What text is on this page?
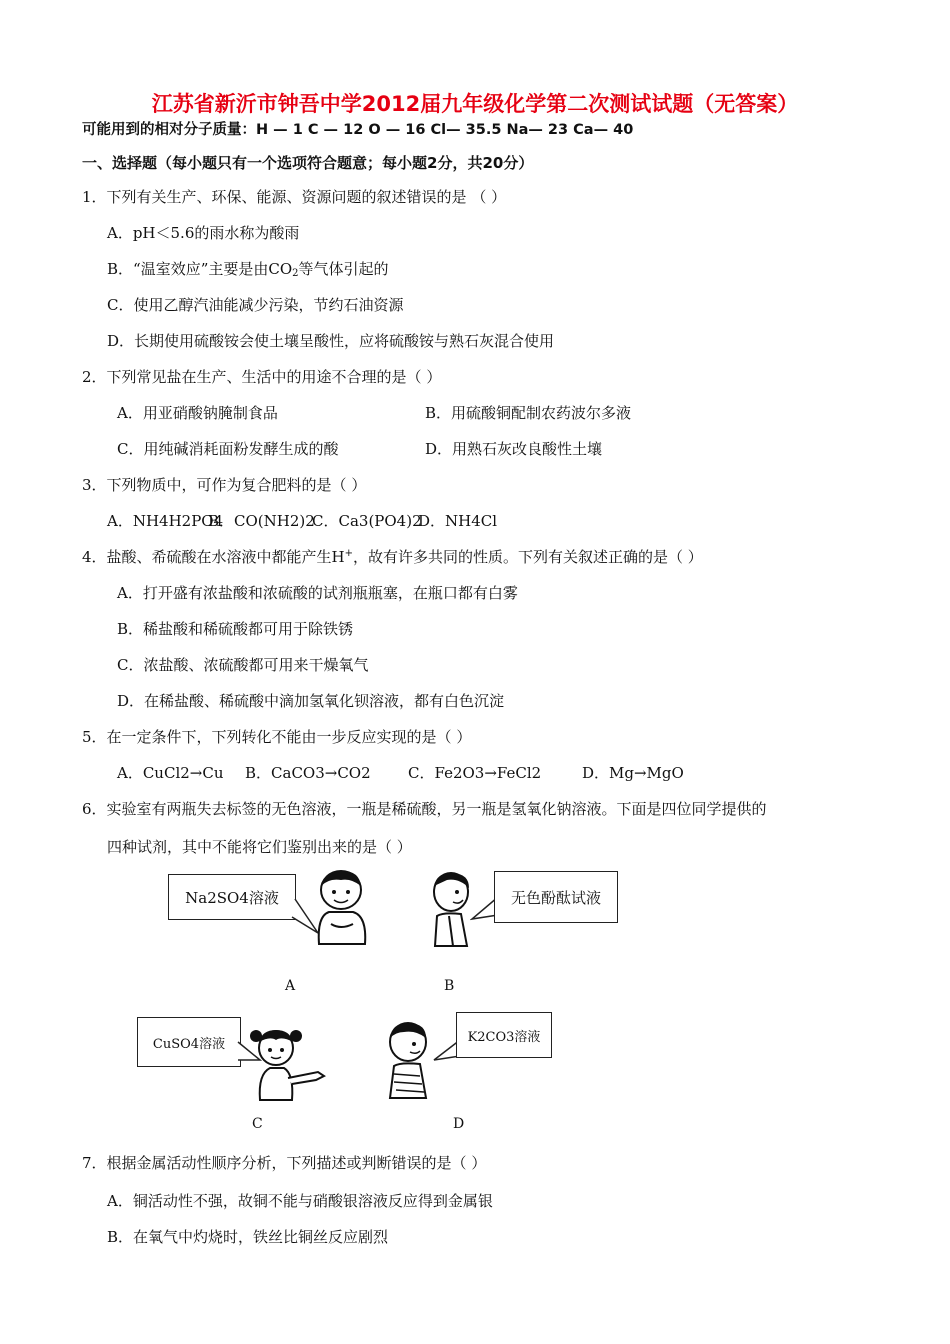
江苏省新沂市钟吾中学2012届九年级化学第二次测试试题（无答案）
可能用到的相对分子质量：H — 1 C — 12 O — 16 Cl— 35.5 Na— 23 Ca— 40
一、选择题（每小题只有一个选项符合题意；每小题2分，共20分）
1．下列有关生产、环保、能源、资源问题的叙述错误的是 （ ）
A．pH＜5.6的雨水称为酸雨
B．“温室效应”主要是由$CO_2$等气体引起的
C．使用乙醇汽油能减少污染，节约石油资源
D．长期使用硫酸铵会使土壤呈酸性，应将硫酸铵与熟石灰混合使用
2．下列常见盐在生产、生活中的用途不合理的是（ ）
A．用亚硝酸钠腌制食品	B．用硫酸铜配制农药波尔多液
C．用纯碱消耗面粉发酵生成的酸	D．用熟石灰改良酸性土壤
3．下列物质中，可作为复合肥料的是（ ）
A．NH4H2PO4
B．CO(NH2)2
C．Ca3(PO4)2
D．NH4Cl
4．盐酸、希硫酸在水溶液中都能产生H+，故有许多共同的性质。下列有关叙述正确的是（ ）
A．打开盛有浓盐酸和浓硫酸的试剂瓶瓶塞，在瓶口都有白雾
B．稀盐酸和稀硫酸都可用于除铁锈
C．浓盐酸、浓硫酸都可用来干燥氧气
D．在稀盐酸、稀硫酸中滴加氢氧化钡溶液，都有白色沉淀
5．在一定条件下，下列转化不能由一步反应实现的是（ ）
A．CuCl2→Cu B．CaCO3→CO2 C．Fe2O3→FeCl2	D．Mg→MgO
6．实验室有两瓶失去标签的无色溶液，一瓶是稀硫酸，另一瓶是氢氧化钠溶液。下面是四位同学提供的
四种试剂，其中不能将它们鉴别出来的是（ ）
Na2SO4溶液
A
无色酚酞试液
B
CuSO4溶液
C
K2CO3溶液
D
7．根据金属活动性顺序分析，下列描述或判断错误的是（ ）
A．铜活动性不强，故铜不能与硝酸银溶液反应得到金属银
B．在氧气中灼烧时，铁丝比铜丝反应剧烈
